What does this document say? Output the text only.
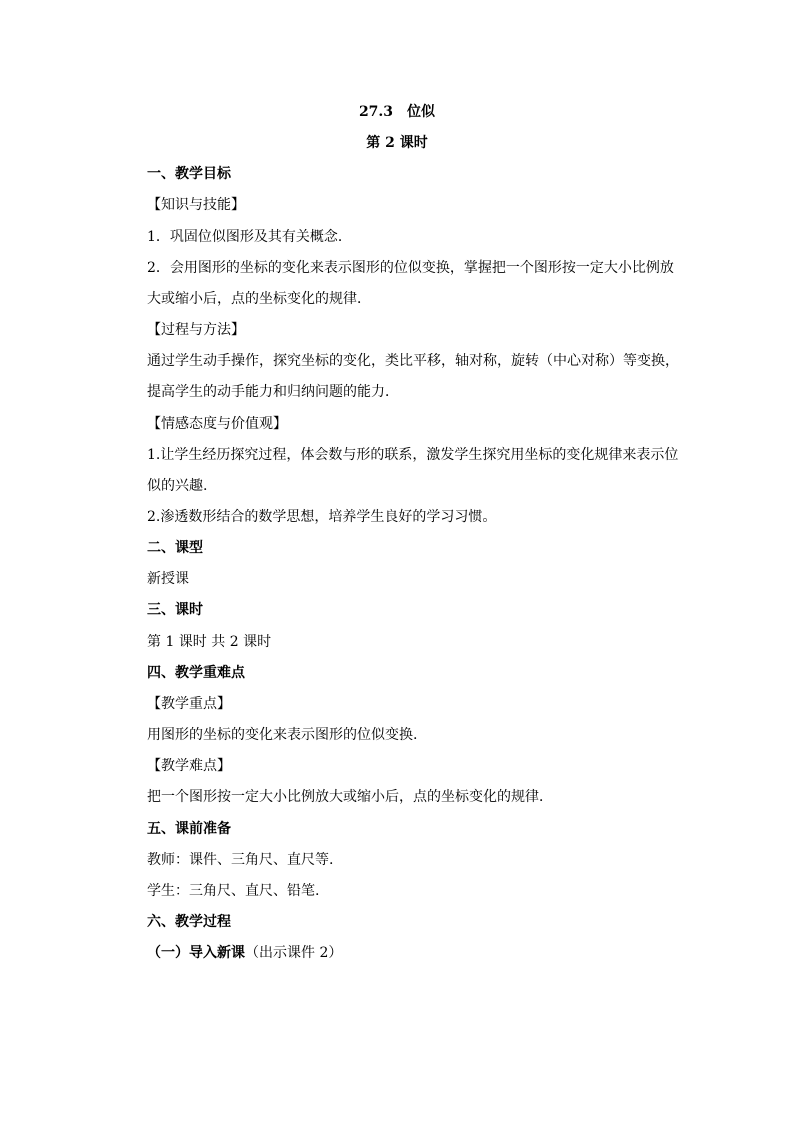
27.3　位似
第 2 课时
一、教学目标
【知识与技能】
1．巩固位似图形及其有关概念．
2．会用图形的坐标的变化来表示图形的位似变换，掌握把一个图形按一定大小比例放
大或缩小后，点的坐标变化的规律．
【过程与方法】
通过学生动手操作，探究坐标的变化，类比平移，轴对称，旋转（中心对称）等变换，
提高学生的动手能力和归纳问题的能力．
【情感态度与价值观】
1.让学生经历探究过程，体会数与形的联系，激发学生探究用坐标的变化规律来表示位
似的兴趣.
2.渗透数形结合的数学思想，培养学生良好的学习习惯。
二、课型
新授课
三、课时
第 1 课时 共 2 课时
四、教学重难点
【教学重点】
用图形的坐标的变化来表示图形的位似变换.
【教学难点】
把一个图形按一定大小比例放大或缩小后，点的坐标变化的规律．
五、课前准备
教师：课件、三角尺、直尺等.
学生：三角尺、直尺、铅笔.
六、教学过程
（一）导入新课（出示课件 2）
